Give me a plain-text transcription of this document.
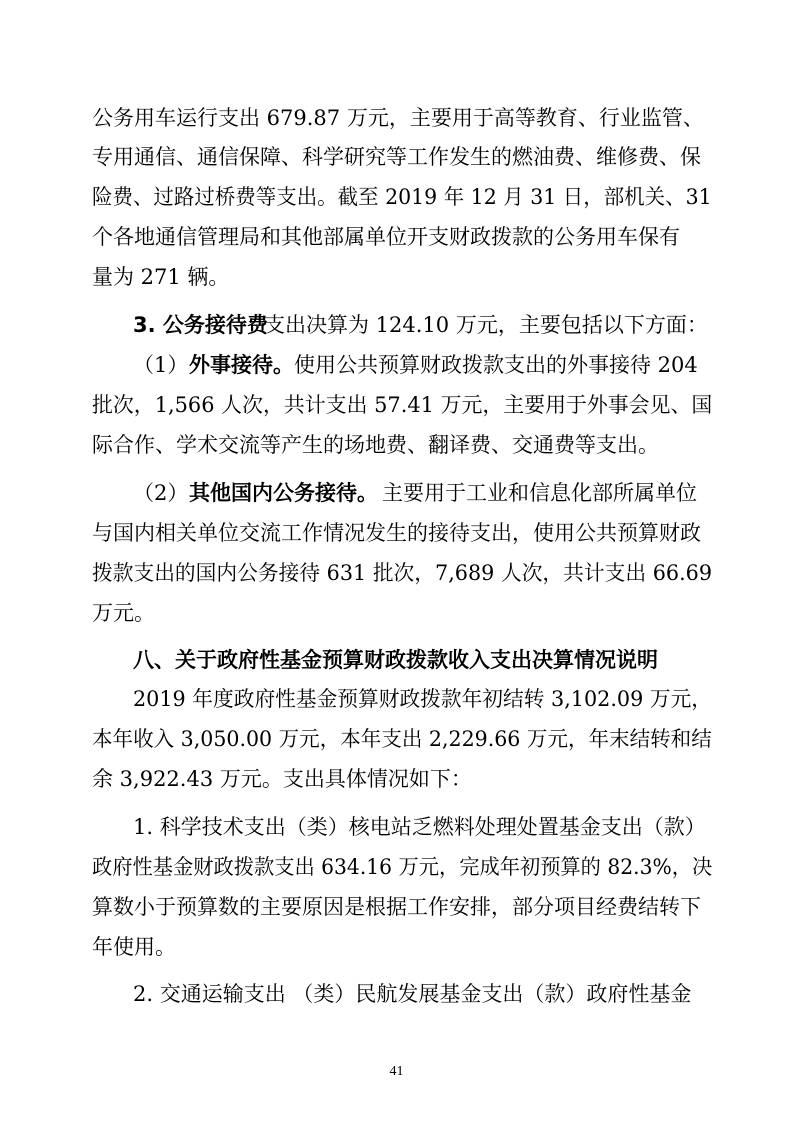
公务用车运行支出 679.87 万元，主要用于高等教育、行业监管、
专用通信、通信保障、科学研究等工作发生的燃油费、维修费、保
险费、过路过桥费等支出。截至 2019 年 12 月 31 日，部机关、31
个各地通信管理局和其他部属单位开支财政拨款的公务用车保有
量为 271 辆。
3. 公务接待费
支出决算为 124.10 万元，主要包括以下方面：
（1） 外事接待。 使用公共预算财政拨款支出的外事接待 204
批次，1,566 人次，共计支出 57.41 万元，主要用于外事会见、国
际合作、学术交流等产生的场地费、翻译费、交通费等支出。
（2） 其他国内公务接待。 主要用于工业和信息化部所属单位
与国内相关单位交流工作情况发生的接待支出，使用公共预算财政
拨款支出的国内公务接待 631 批次，7,689 人次，共计支出 66.69
万元。
八、关于政府性基金预算财政拨款收入支出决算情况说明
2019 年度政府性基金预算财政拨款年初结转 3,102.09 万元，
本年收入 3,050.00 万元，本年支出 2,229.66 万元，年末结转和结
余 3,922.43 万元。支出具体情况如下：
1. 科学技术支出（类）核电站乏燃料处理处置基金支出（款）
政府性基金财政拨款支出 634.16 万元，完成年初预算的 82.3%，决
算数小于预算数的主要原因是根据工作安排，部分项目经费结转下
年使用。
2. 交通运输支出 （类）民航发展基金支出（款）政府性基金
41
